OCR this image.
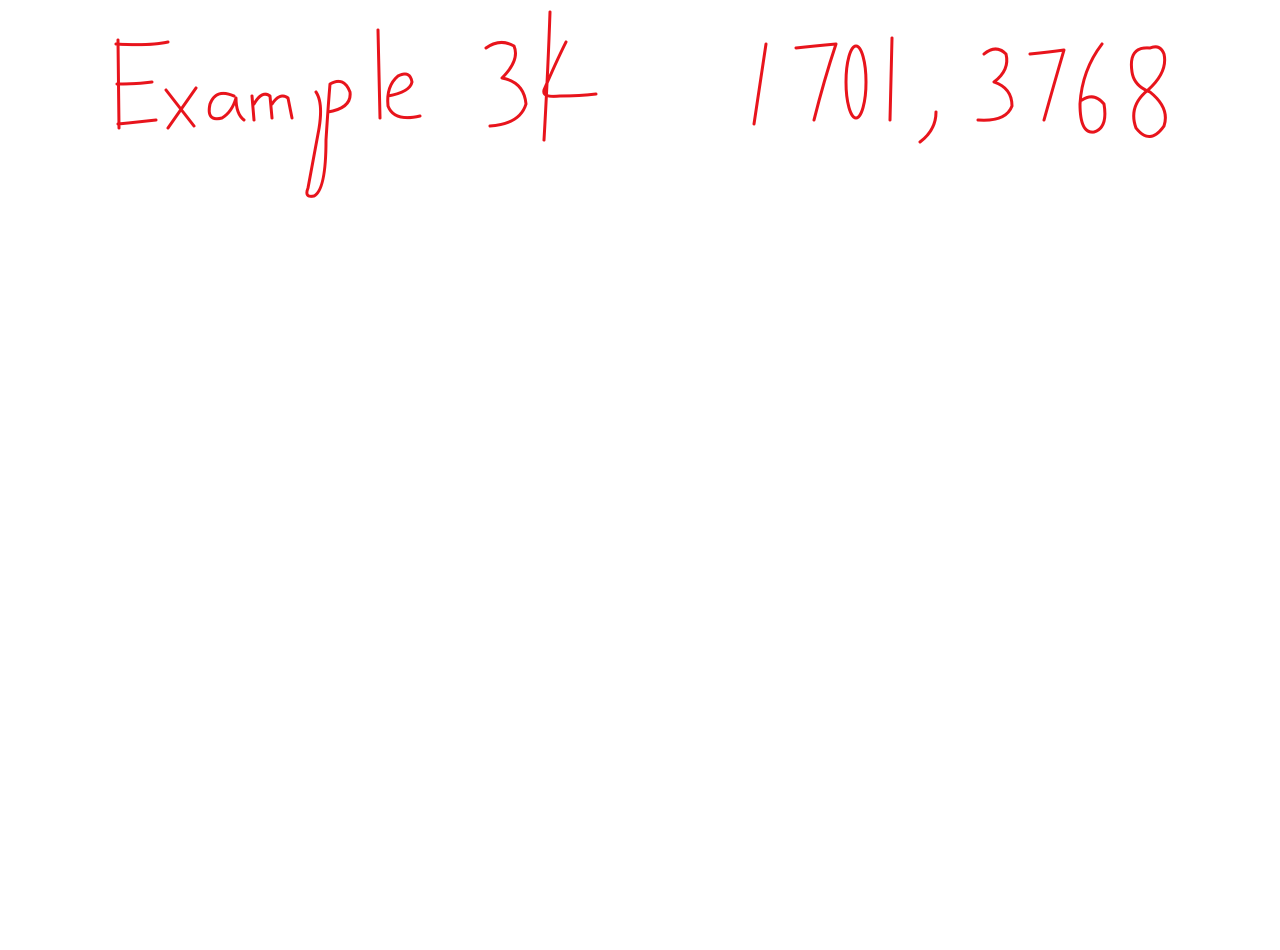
Example 34: 1701, 3768
